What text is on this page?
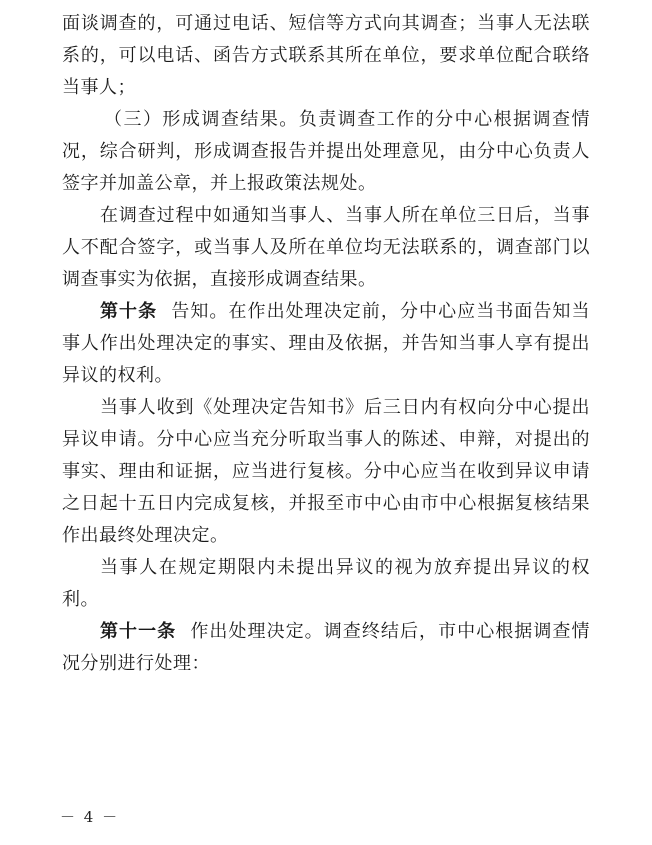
面谈调查的，可通过电话、短信等方式向其调查；当事人无法联系的，可以电话、函告方式联系其所在单位，要求单位配合联络当事人；

（三）形成调查结果。负责调查工作的分中心根据调查情况，综合研判，形成调查报告并提出处理意见，由分中心负责人签字并加盖公章，并上报政策法规处。

在调查过程中如通知当事人、当事人所在单位三日后，当事人不配合签字，或当事人及所在单位均无法联系的，调查部门以调查事实为依据，直接形成调查结果。

第十条  告知。在作出处理决定前，分中心应当书面告知当事人作出处理决定的事实、理由及依据，并告知当事人享有提出异议的权利。

当事人收到《处理决定告知书》后三日内有权向分中心提出异议申请。分中心应当充分听取当事人的陈述、申辩，对提出的事实、理由和证据，应当进行复核。分中心应当在收到异议申请之日起十五日内完成复核，并报至市中心由市中心根据复核结果作出最终处理决定。

当事人在规定期限内未提出异议的视为放弃提出异议的权利。

第十一条  作出处理决定。调查终结后，市中心根据调查情况分别进行处理：

－ 4 －
